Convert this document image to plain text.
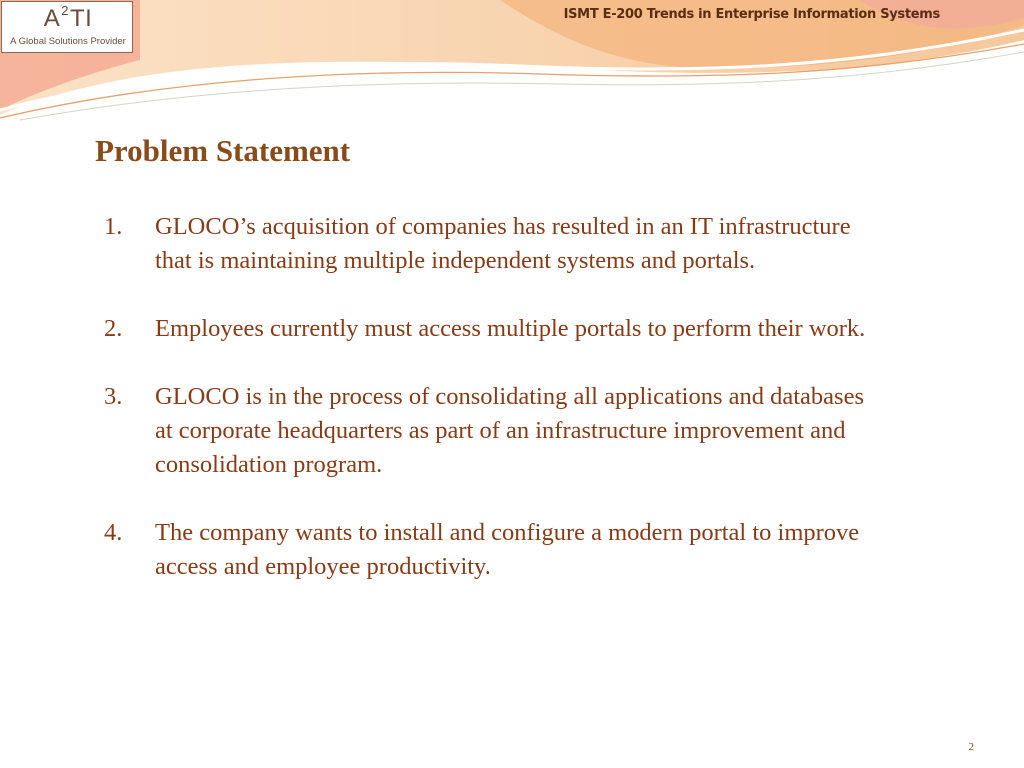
$A^2TI$
A Global Solutions Provider
ISMT E-200 Trends in Enterprise Information Systems
Problem Statement
1. GLOCO’s acquisition of companies has resulted in an IT infrastructure that is maintaining multiple independent systems and portals.
2. Employees currently must access multiple portals to perform their work.
3. GLOCO is in the process of consolidating all applications and databases at corporate headquarters as part of an infrastructure improvement and consolidation program.
4. The company wants to install and configure a modern portal to improve access and employee productivity.
2
